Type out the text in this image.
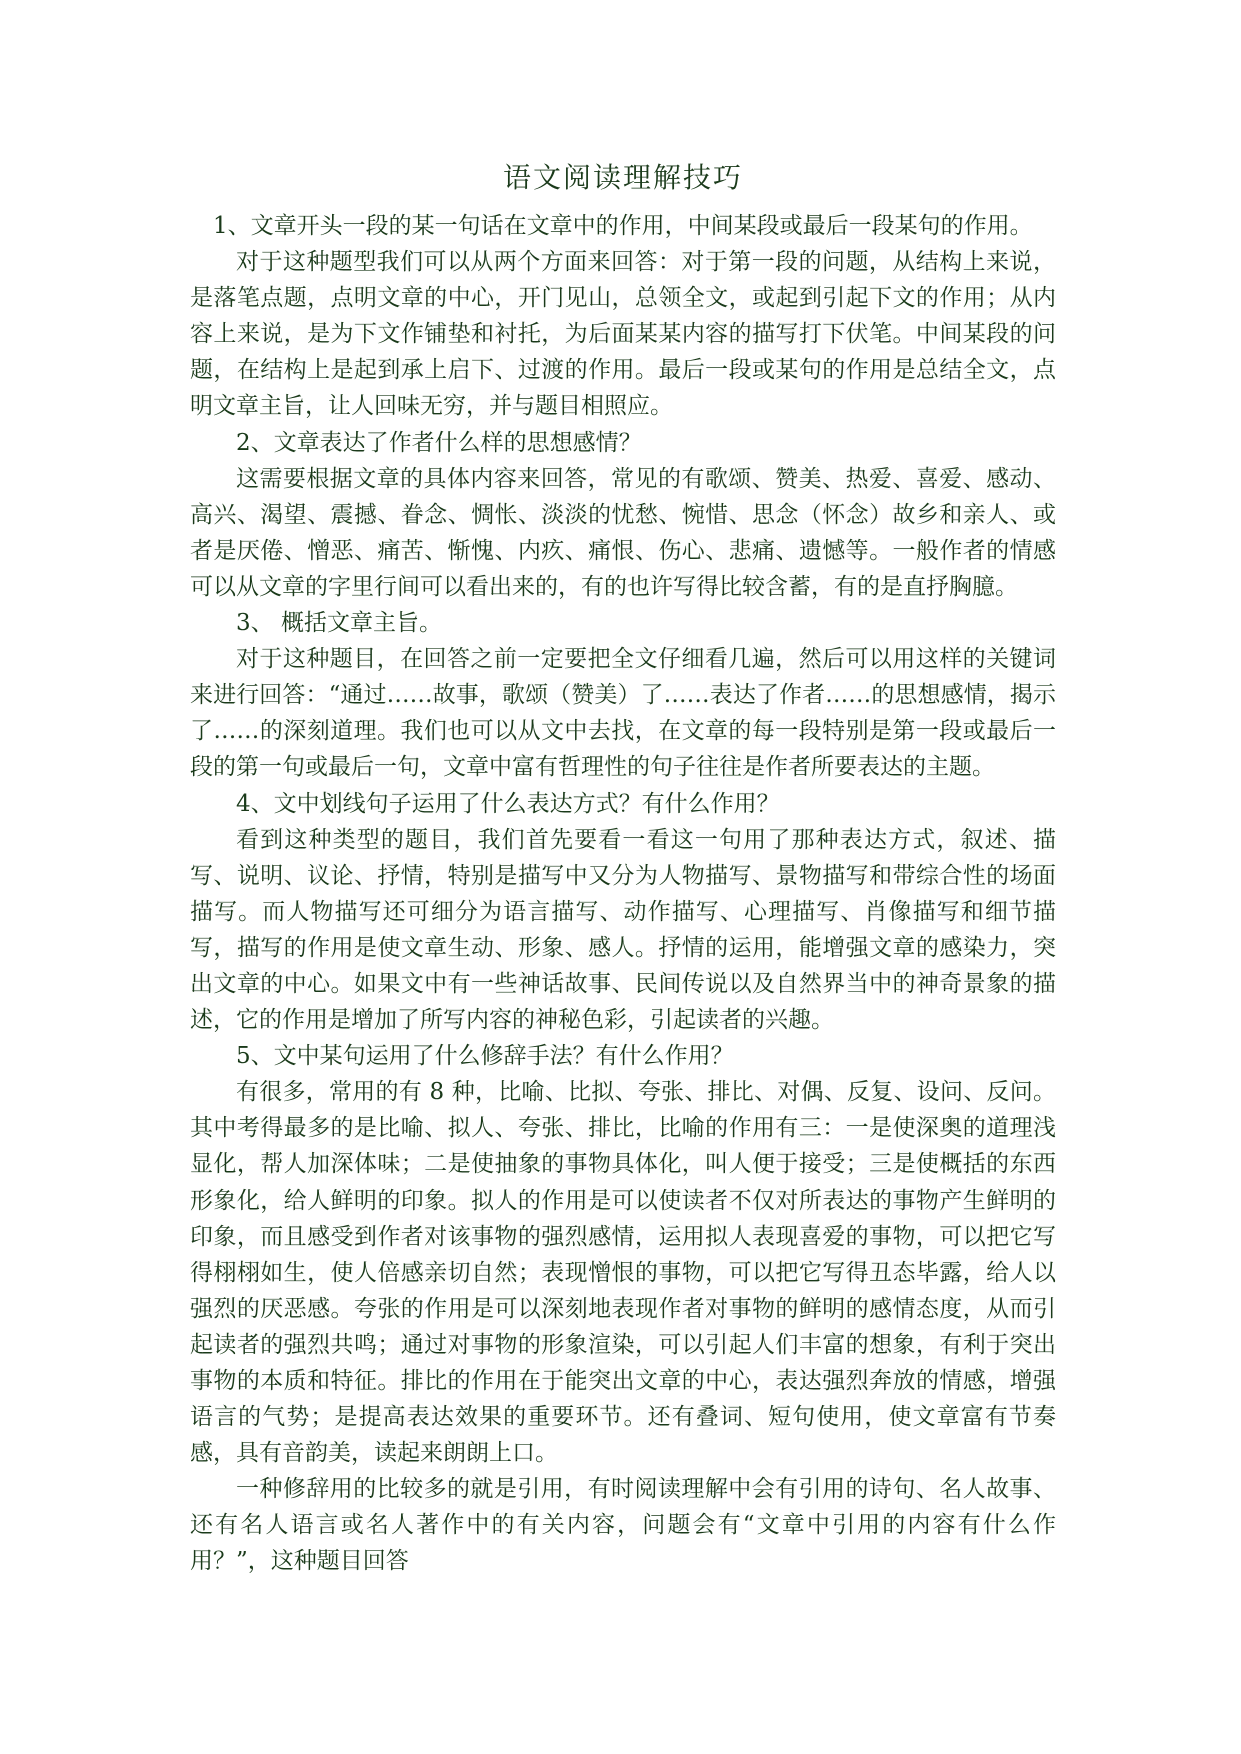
语文阅读理解技巧

1、文章开头一段的某一句话在文章中的作用，中间某段或最后一段某句的作用。

对于这种题型我们可以从两个方面来回答：对于第一段的问题，从结构上来说，是落笔点题，点明文章的中心，开门见山，总领全文，或起到引起下文的作用；从内容上来说，是为下文作铺垫和衬托，为后面某某内容的描写打下伏笔。中间某段的问题，在结构上是起到承上启下、过渡的作用。最后一段或某句的作用是总结全文，点明文章主旨，让人回味无穷，并与题目相照应。

2、文章表达了作者什么样的思想感情？

这需要根据文章的具体内容来回答，常见的有歌颂、赞美、热爱、喜爱、感动、高兴、渴望、震撼、眷念、惆怅、淡淡的忧愁、惋惜、思念（怀念）故乡和亲人、或者是厌倦、憎恶、痛苦、惭愧、内疚、痛恨、伤心、悲痛、遗憾等。一般作者的情感可以从文章的字里行间可以看出来的，有的也许写得比较含蓄，有的是直抒胸臆。

3、 概括文章主旨。

对于这种题目，在回答之前一定要把全文仔细看几遍，然后可以用这样的关键词来进行回答：“通过……故事，歌颂（赞美）了……表达了作者……的思想感情，揭示了……的深刻道理。我们也可以从文中去找，在文章的每一段特别是第一段或最后一段的第一句或最后一句，文章中富有哲理性的句子往往是作者所要表达的主题。

4、文中划线句子运用了什么表达方式？有什么作用？

看到这种类型的题目，我们首先要看一看这一句用了那种表达方式，叙述、描写、说明、议论、抒情，特别是描写中又分为人物描写、景物描写和带综合性的场面描写。而人物描写还可细分为语言描写、动作描写、心理描写、肖像描写和细节描写，描写的作用是使文章生动、形象、感人。抒情的运用，能增强文章的感染力，突出文章的中心。如果文中有一些神话故事、民间传说以及自然界当中的神奇景象的描述，它的作用是增加了所写内容的神秘色彩，引起读者的兴趣。

5、文中某句运用了什么修辞手法？有什么作用？

有很多，常用的有 8 种，比喻、比拟、夸张、排比、对偶、反复、设问、反问。其中考得最多的是比喻、拟人、夸张、排比，比喻的作用有三：一是使深奥的道理浅显化，帮人加深体味；二是使抽象的事物具体化，叫人便于接受；三是使概括的东西形象化，给人鲜明的印象。拟人的作用是可以使读者不仅对所表达的事物产生鲜明的印象，而且感受到作者对该事物的强烈感情，运用拟人表现喜爱的事物，可以把它写得栩栩如生，使人倍感亲切自然；表现憎恨的事物，可以把它写得丑态毕露，给人以强烈的厌恶感。夸张的作用是可以深刻地表现作者对事物的鲜明的感情态度，从而引起读者的强烈共鸣；通过对事物的形象渲染，可以引起人们丰富的想象，有利于突出事物的本质和特征。排比的作用在于能突出文章的中心，表达强烈奔放的情感，增强语言的气势；是提高表达效果的重要环节。还有叠词、短句使用，使文章富有节奏感，具有音韵美，读起来朗朗上口。

一种修辞用的比较多的就是引用，有时阅读理解中会有引用的诗句、名人故事、还有名人语言或名人著作中的有关内容，问题会有“文章中引用的内容有什么作用？”，这种题目回答
